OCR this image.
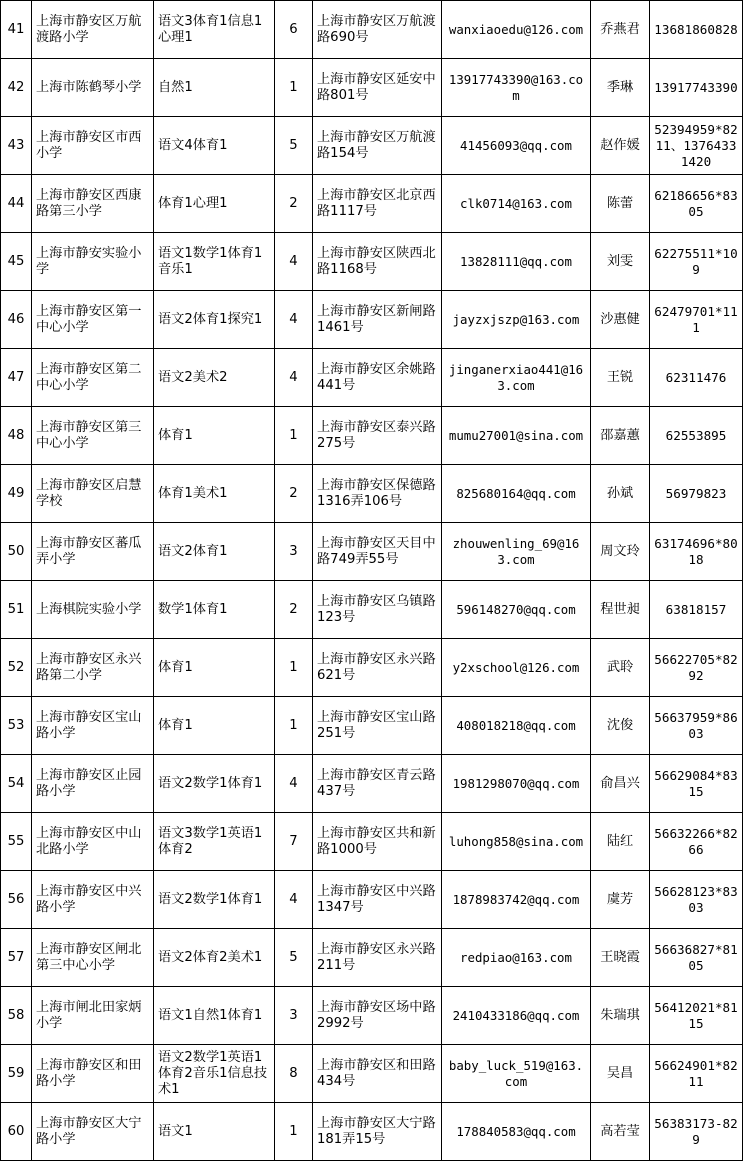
41	上海市静安区万航渡路小学	语文3体育1信息1心理1	6	上海市静安区万航渡路690号	wanxiaoedu@126.com	乔燕君	13681860828
42	上海市陈鹤琴小学	自然1	1	上海市静安区延安中路801号	13917743390@163.com	季琳	13917743390
43	上海市静安区市西小学	语文4体育1	5	上海市静安区万航渡路154号	41456093@qq.com	赵作媛	52394959*8211、13764331420
44	上海市静安区西康路第三小学	体育1心理1	2	上海市静安区北京西路1117号	clk0714@163.com	陈蕾	62186656*8305
45	上海市静安实验小学	语文1数学1体育1音乐1	4	上海市静安区陕西北路1168号	13828111@qq.com	刘雯	62275511*109
46	上海市静安区第一中心小学	语文2体育1探究1	4	上海市静安区新闸路1461号	jayzxjszp@163.com	沙惠健	62479701*111
47	上海市静安区第二中心小学	语文2美术2	4	上海市静安区余姚路441号	jinganerxiao441@163.com	王锐	62311476
48	上海市静安区第三中心小学	体育1	1	上海市静安区泰兴路275号	mumu27001@sina.com	邵嘉蕙	62553895
49	上海市静安区启慧学校	体育1美术1	2	上海市静安区保德路1316弄106号	825680164@qq.com	孙斌	56979823
50	上海市静安区蕃瓜弄小学	语文2体育1	3	上海市静安区天目中路749弄55号	zhouwenling_69@163.com	周文玲	63174696*8018
51	上海棋院实验小学	数学1体育1	2	上海市静安区乌镇路123号	596148270@qq.com	程世昶	63818157
52	上海市静安区永兴路第二小学	体育1	1	上海市静安区永兴路621号	y2xschool@126.com	武聆	56622705*8292
53	上海市静安区宝山路小学	体育1	1	上海市静安区宝山路251号	408018218@qq.com	沈俊	56637959*8603
54	上海市静安区止园路小学	语文2数学1体育1	4	上海市静安区青云路437号	1981298070@qq.com	俞昌兴	56629084*8315
55	上海市静安区中山北路小学	语文3数学1英语1体育2	7	上海市静安区共和新路1000号	luhong858@sina.com	陆红	56632266*8266
56	上海市静安区中兴路小学	语文2数学1体育1	4	上海市静安区中兴路1347号	1878983742@qq.com	虞芳	56628123*8303
57	上海市静安区闸北第三中心小学	语文2体育2美术1	5	上海市静安区永兴路211号	redpiao@163.com	王晓霞	56636827*8105
58	上海市闸北田家炳小学	语文1自然1体育1	3	上海市静安区场中路2992号	2410433186@qq.com	朱瑞琪	56412021*8115
59	上海市静安区和田路小学	语文2数学1英语1体育2音乐1信息技术1	8	上海市静安区和田路434号	baby_luck_519@163.com	吴昌	56624901*8211
60	上海市静安区大宁路小学	语文1	1	上海市静安区大宁路181弄15号	178840583@qq.com	高若莹	56383173-829
